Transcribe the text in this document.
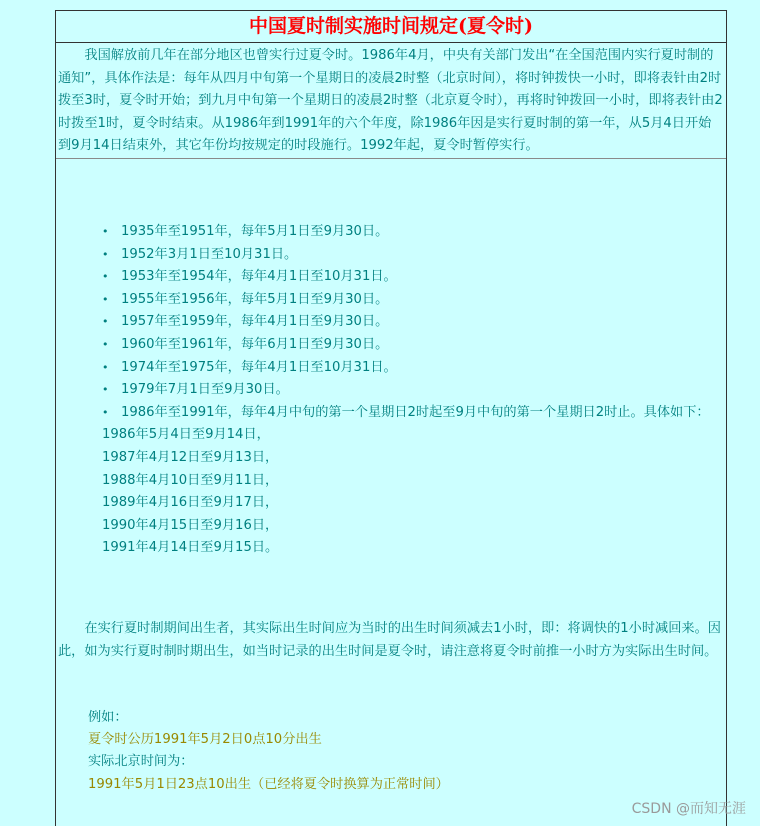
中国夏时制实施时间规定(夏令时)

我国解放前几年在部分地区也曾实行过夏令时。1986年4月，中央有关部门发出“在全国范围内实行夏时制的通知”，具体作法是：每年从四月中旬第一个星期日的凌晨2时整（北京时间），将时钟拨快一小时，即将表针由2时拨至3时，夏令时开始；到九月中旬第一个星期日的凌晨2时整（北京夏令时），再将时钟拨回一小时，即将表针由2时拨至1时，夏令时结束。从1986年到1991年的六个年度，除1986年因是实行夏时制的第一年，从5月4日开始到9月14日结束外，其它年份均按规定的时段施行。1992年起，夏令时暂停实行。

• 1935年至1951年，每年5月1日至9月30日。
• 1952年3月1日至10月31日。
• 1953年至1954年，每年4月1日至10月31日。
• 1955年至1956年，每年5月1日至9月30日。
• 1957年至1959年，每年4月1日至9月30日。
• 1960年至1961年，每年6月1日至9月30日。
• 1974年至1975年，每年4月1日至10月31日。
• 1979年7月1日至9月30日。
• 1986年至1991年，每年4月中旬的第一个星期日2时起至9月中旬的第一个星期日2时止。具体如下：
1986年5月4日至9月14日，
1987年4月12日至9月13日，
1988年4月10日至9月11日，
1989年4月16日至9月17日，
1990年4月15日至9月16日，
1991年4月14日至9月15日。

在实行夏时制期间出生者，其实际出生时间应为当时的出生时间须减去1小时，即：将调快的1小时减回来。因此，如为实行夏时制时期出生，如当时记录的出生时间是夏令时，请注意将夏令时前推一小时方为实际出生时间。

例如：
夏令时公历1991年5月2日0点10分出生
实际北京时间为：
1991年5月1日23点10出生（已经将夏令时换算为正常时间）
CSDN @而知无涯
